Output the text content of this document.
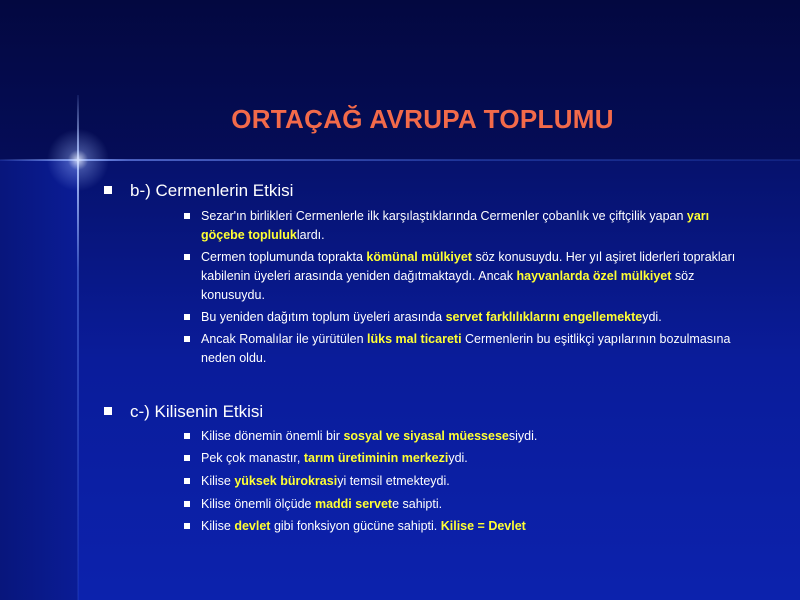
ORTAÇAĞ AVRUPA TOPLUMU
b-) Cermenlerin Etkisi
Sezar'ın birlikleri Cermenlerle ilk karşılaştıklarında Cermenler çobanlık ve çiftçilik yapan yarı göçebe topluluklardı.
Cermen toplumunda toprakta kömünal mülkiyet söz konusuydu. Her yıl aşiret liderleri toprakları kabilenin üyeleri arasında yeniden dağıtmaktaydı. Ancak hayvanlarda özel mülkiyet söz konusuydu.
Bu yeniden dağıtım toplum üyeleri arasında servet farklılıklarını engellemekteydi.
Ancak Romalılar ile yürütülen lüks mal ticareti Cermenlerin bu eşitlikçi yapılarının bozulmasına neden oldu.
c-) Kilisenin Etkisi
Kilise dönemin önemli bir sosyal ve siyasal müessesesiydi.
Pek çok manastır, tarım üretiminin merkeziydi.
Kilise yüksek bürokrasiyi temsil etmekteydi.
Kilise önemli ölçüde maddi servete sahipti.
Kilise devlet gibi fonksiyon gücüne sahipti. Kilise = Devlet
